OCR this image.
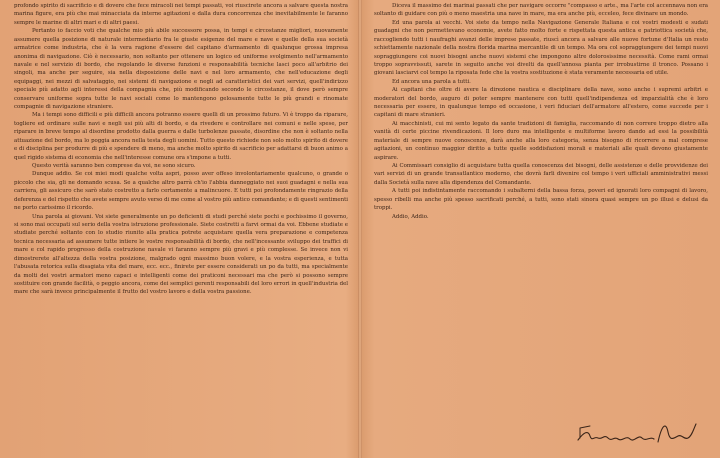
profondo spirito di sacrificio e di dovere che fece miracoli nei tempi passati, voi riuscirete ancora a salvare questa nostra marina figure, era più che mai minacciata da interne agitazioni e dalla dura concorrenza che inevitabilmente le faranno sempre le marine di altri mari e di altri paesi.

Pertanto io faccio voti che qualche mio più abile successore possa, in tempi e circostanze migliori, nuovamente assumere quella posizione di naturale intermediario fra le giuste esigenze del mare e nave e quelle della sua società armatrice come industria, che è la vera ragione d'essere del capitano d'armamento di qualunque grossa impresa anonima di navigazione. Ciò è necessario, non soltanto per ottenere un logico ed uniforme svolgimento nell'armamento navale e nel servizio di bordo, che regolando le diverse funzioni e responsabilità tecniche lasci poco all'arbitrio dei singoli, ma anche per seguire, sia nella disposizione delle navi e nel loro armamento, che nell'educazione degli equipaggi, nei mezzi di salvataggio, nei sistemi di navigazione e negli ad caratteristici dei vari servizi, quell'indirizzo speciale più adatto agli interessi della compagnia che, più modificando secondo le circostanze, il dove però sempre conservare uniforme sopra tutte le navi sociali come lo mantengono gelosamente tutte le più grandi e rinomate compagnie di navigazione straniere.

Ma i tempi sono difficili e più difficili ancora potranno essere quelli di un prossimo futuro. Vi è troppo da riparare, togliere ed ordinare sulle navi e negli usi più alti di bordo, e da rivedere e controllare nei comuni e nelle spese, per riparare in breve tempo al disordine prodotto dalla guerra e dalle turbolenze passate, disordine che non è soltanto nella attuazione del bordo, ma lo poggia ancora nella testa degli uomini. Tutto questo richiede non solo molto spirito di dovere e di disciplina per produrre di più e spendere di meno, ma anche molto spirito di sacrificio per adattarsi di buon animo a quel rigido sistema di economia che nell'interesse comune ora s'impone a tutti.

Questo verità saranno ben comprese da voi, ne sono sicuro.

Dunque addio. Se coi miei modi qualche volta aspri, posso aver offeso involontariamente qualcuno, o grande o piccolo che sia, gli ne domando scusa. Se a qualche altro parrà ch'io l'abbia danneggiato nei suoi guadagni e nella sua carriera, gli assicuro che sarò stato costretto a farlo certamente a malincuore. E tutti poi profondamente ringrazio della deferenza e del rispetto che avete sempre avuto verso di me come al vostro più antico comandante; e di questi sentimenti ne porto carissimo il ricordo.

Una parola ai giovani. Voi siete generalmente un po deficienti di studi perché siete pochi e pochissimo il governo, si sono mai occupati sul serio della vostra istruzione professionale. Siete costretti a farvi ormai da voi. Ebbene studiate e studiate perché soltanto con lo studio riunito alla pratica potrete acquistare quella vera preparazione e competenza tecnica necessaria ad assumere tutte intiere le vostre responsabilità di bordo, che nell'incessante sviluppo dei traffici di mare e col rapido progresso della costruzione navale vi faranno sempre più gravi e più complesse. Se invece non vi dimostrerete all'altezza della vostra posizione, malgrado ogni massimo buon volere, e la vostra esperienza, e tutta l'abusata retorica sulla disagiata vita del mare, ecc. ecc., finirete per essere considerati un po da tutti, ma specialmente da molti dei vostri armatori meno capaci e intelligenti come dei praticoni necessari ma che però si possono sempre sostituire con grande facilità, o peggio ancora, come dei semplici gerenti responsabili del loro errori in quell'industria del mare che sarà invece principalmente il frutto del vostro lavoro e della vostra passione.

Diceva il massimo dei marinai passati che per navigare occorre "compasso e arte., ma l'arte col accennava non era soltanto di guidare con più o meno maestria una nave in mare, ma era anche più, ecceleo, fece divinare un mondo.

Ed una parola ai vecchi. Voi siete da tempo nella Navigazione Generale Italiana e coi vostri modesti e sudati guadagni che non permettevano economie, avete fatto molto forte e rispettata questa antica e patriottica società che, raccogliendo tutti i naufraghi avanzi delle imprese passate, riuscì ancora a salvare alle nuove fortune d'Italia un resto schiettamente nazionale della nostra florida marina mercantile di un tempo. Ma ora col sopraggiungere dei tempi nuovi sopraggiungere coi nuovi bisogni anche nuovi sistemi che impongono altre dolorosissime necessità. Come rami ormai troppo sopravvissuti, sarete in seguito anche voi divelti da quell'annosa pianta per irrobustirne il tronco. Possano i giovani lasciarvi col tempo la riposata fede che la vostra sostituzione è stata veramente necessaria ed utile.

Ed ancora una parola a tutti.

Ai capitani che oltre di avere la direzione nautica e disciplinare della nave, sono anche i supremi arbitri e moderatori del bordo, auguro di poter sempre mantenere con tutti quell'indipendenza ed imparzialità che è loro necessaria per essere, in qualunque tempo ed occasione, i veri fiduciari dell'armatore all'estero, come succede per i capitani di mare stranieri.

Ai macchinisti, cui mi sento legato da sante tradizioni di famiglia, raccomando di non correre troppo dietro alla vanità di certe piccine rivendicazioni. Il loro duro ma intelligente e multiforme lavoro dando ad essi la possibilità materiale di sempre nuove conoscenze, darà anche alla loro categoria, senza bisogno di ricorrere a mal comprese agitazioni, un continuo maggior diritto a tutte quelle soddisfazioni morali e materiali alle quali devono giustamente aspirare.

Ai Commissari consiglio di acquistare tutta quella conoscenza dei bisogni, delle assistenze e delle provvidenze dei vari servizi di un grande transatlantico moderno, che dovrà farli divenire col tempo i veri ufficiali amministrativi messi dalla Società sulla nave alla dipendenza del Comandante.

A tutti poi indistintamente raccomando i subalterni della bassa forza, poveri ed ignorati loro compagni di lavoro, spesso ribelli ma anche più spesso sacrificati perché, a tutti, sono stati sinora quasi sempre un po illusi e delusi da troppi.

Addio, Addio.
